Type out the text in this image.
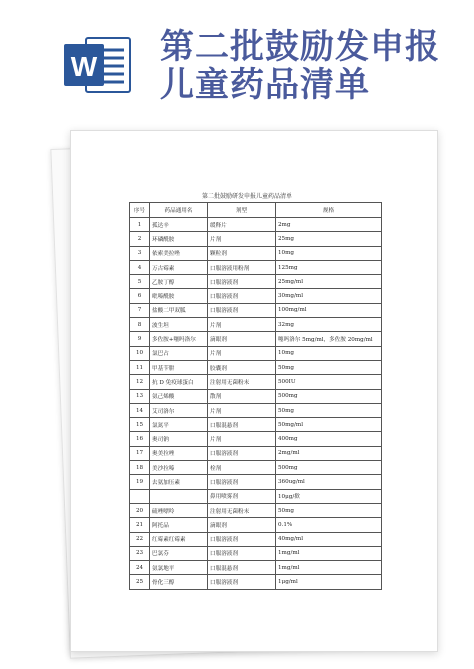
W 第二批鼓励发申报
儿童药品清单
第二批鼓励研发申报儿童药品清单
序号	药品通用名	剂型	规格
1	孤达辛	缓释片	2mg
2	环磷酰胺	片剂	25mg
3	依索美拉唑	颗粒剂	10mg
4	万古霉素	口服溶液用粉剂	125mg
5	乙胺丁醇	口服溶液剂	25mg/ml
6	吡嗪酰胺	口服溶液剂	30mg/ml
7	盐酸二甲双胍	口服溶液剂	100mg/ml
8	波生坦	片剂	32mg
9	多佐胺+噻吗洛尔	滴眼剂	噻吗洛尔 5mg/ml，多佐胺 20mg/ml
10	氯巴占	片剂	10mg
11	甲基苄肼	胶囊剂	50mg
12	抗 D 免疫球蛋白	注射用无菌粉末	500IU
13	氨己烯酸	散剂	500mg
14	艾司洛尔	片剂	50mg
15	氯氮平	口服混悬剂	50mg/ml
16	奥司钠	片剂	400mg
17	奥美拉唑	口服溶液剂	2mg/ml
18	美沙拉嗪	栓剂	500mg
19	去氨加压素	口服溶液剂	360ug/ml
		鼻用喷雾剂	10μg/揿
20	硫唑嘌呤	注射用无菌粉末	50mg
21	阿托品	滴眼剂	0.1%
22	红霉素红霉素	口服溶液剂	40mg/ml
23	巴氯芬	口服溶液剂	1mg/ml
24	氨氯地平	口服混悬剂	1mg/ml
25	骨化三醇	口服溶液剂	1μg/ml
